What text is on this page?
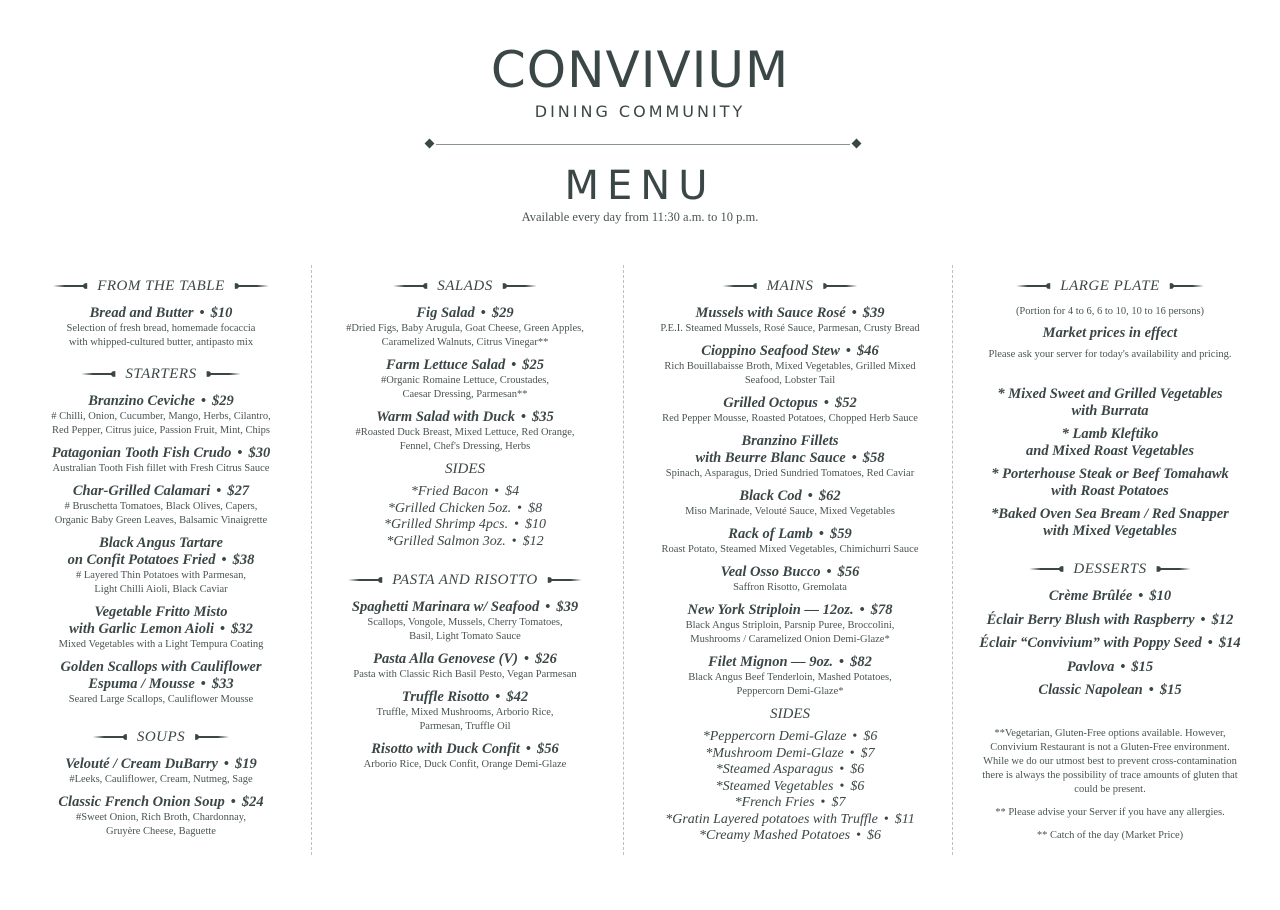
CONVIVIUM
DINING COMMUNITY
MENU
Available every day from 11:30 a.m. to 10 p.m.
FROM THE TABLE
Bread and Butter • $10
Selection of fresh bread, homemade focaccia
with whipped-cultured butter, antipasto mix
STARTERS
Branzino Ceviche • $29
# Chilli, Onion, Cucumber, Mango, Herbs, Cilantro,
Red Pepper, Citrus juice, Passion Fruit, Mint, Chips
Patagonian Tooth Fish Crudo • $30
Australian Tooth Fish fillet with Fresh Citrus Sauce
Char-Grilled Calamari • $27
# Bruschetta Tomatoes, Black Olives, Capers,
Organic Baby Green Leaves, Balsamic Vinaigrette
Black Angus Tartare
on Confit Potatoes Fried • $38
# Layered Thin Potatoes with Parmesan,
Light Chilli Aioli, Black Caviar
Vegetable Fritto Misto
with Garlic Lemon Aioli • $32
Mixed Vegetables with a Light Tempura Coating
Golden Scallops with Cauliflower
Espuma / Mousse • $33
Seared Large Scallops, Cauliflower Mousse
SOUPS
Velouté / Cream DuBarry • $19
#Leeks, Cauliflower, Cream, Nutmeg, Sage
Classic French Onion Soup • $24
#Sweet Onion, Rich Broth, Chardonnay,
Gruyère Cheese, Baguette
SALADS
Fig Salad • $29
#Dried Figs, Baby Arugula, Goat Cheese, Green Apples,
Caramelized Walnuts, Citrus Vinegar**
Farm Lettuce Salad • $25
#Organic Romaine Lettuce, Croustades,
Caesar Dressing, Parmesan**
Warm Salad with Duck • $35
#Roasted Duck Breast, Mixed Lettuce, Red Orange,
Fennel, Chef's Dressing, Herbs
SIDES
*Fried Bacon • $4
*Grilled Chicken 5oz. • $8
*Grilled Shrimp 4pcs. • $10
*Grilled Salmon 3oz. • $12
PASTA AND RISOTTO
Spaghetti Marinara w/ Seafood • $39
Scallops, Vongole, Mussels, Cherry Tomatoes,
Basil, Light Tomato Sauce
Pasta Alla Genovese (V) • $26
Pasta with Classic Rich Basil Pesto, Vegan Parmesan
Truffle Risotto • $42
Truffle, Mixed Mushrooms, Arborio Rice,
Parmesan, Truffle Oil
Risotto with Duck Confit • $56
Arborio Rice, Duck Confit, Orange Demi-Glaze
MAINS
Mussels with Sauce Rosé • $39
P.E.I. Steamed Mussels, Rosé Sauce, Parmesan, Crusty Bread
Cioppino Seafood Stew • $46
Rich Bouillabaisse Broth, Mixed Vegetables, Grilled Mixed
Seafood, Lobster Tail
Grilled Octopus • $52
Red Pepper Mousse, Roasted Potatoes, Chopped Herb Sauce
Branzino Fillets
with Beurre Blanc Sauce • $58
Spinach, Asparagus, Dried Sundried Tomatoes, Red Caviar
Black Cod • $62
Miso Marinade, Velouté Sauce, Mixed Vegetables
Rack of Lamb • $59
Roast Potato, Steamed Mixed Vegetables, Chimichurri Sauce
Veal Osso Bucco • $56
Saffron Risotto, Gremolata
New York Striploin — 12oz. • $78
Black Angus Striploin, Parsnip Puree, Broccolini,
Mushrooms / Caramelized Onion Demi-Glaze*
Filet Mignon — 9oz. • $82
Black Angus Beef Tenderloin, Mashed Potatoes,
Peppercorn Demi-Glaze*
SIDES
*Peppercorn Demi-Glaze • $6
*Mushroom Demi-Glaze • $7
*Steamed Asparagus • $6
*Steamed Vegetables • $6
*French Fries • $7
*Gratin Layered potatoes with Truffle • $11
*Creamy Mashed Potatoes • $6
LARGE PLATE
(Portion for 4 to 6, 6 to 10, 10 to 16 persons)
Market prices in effect
Please ask your server for today's availability and pricing.
* Mixed Sweet and Grilled Vegetables
with Burrata
* Lamb Kleftiko
and Mixed Roast Vegetables
* Porterhouse Steak or Beef Tomahawk
with Roast Potatoes
*Baked Oven Sea Bream / Red Snapper
with Mixed Vegetables
DESSERTS
Crème Brûlée • $10
Éclair Berry Blush with Raspberry • $12
Éclair “Convivium” with Poppy Seed • $14
Pavlova • $15
Classic Napolean • $15
**Vegetarian, Gluten-Free options available. However,
Convivium Restaurant is not a Gluten-Free environment.
While we do our utmost best to prevent cross-contamination
there is always the possibility of trace amounts of gluten that
could be present.
** Please advise your Server if you have any allergies.
** Catch of the day (Market Price)
